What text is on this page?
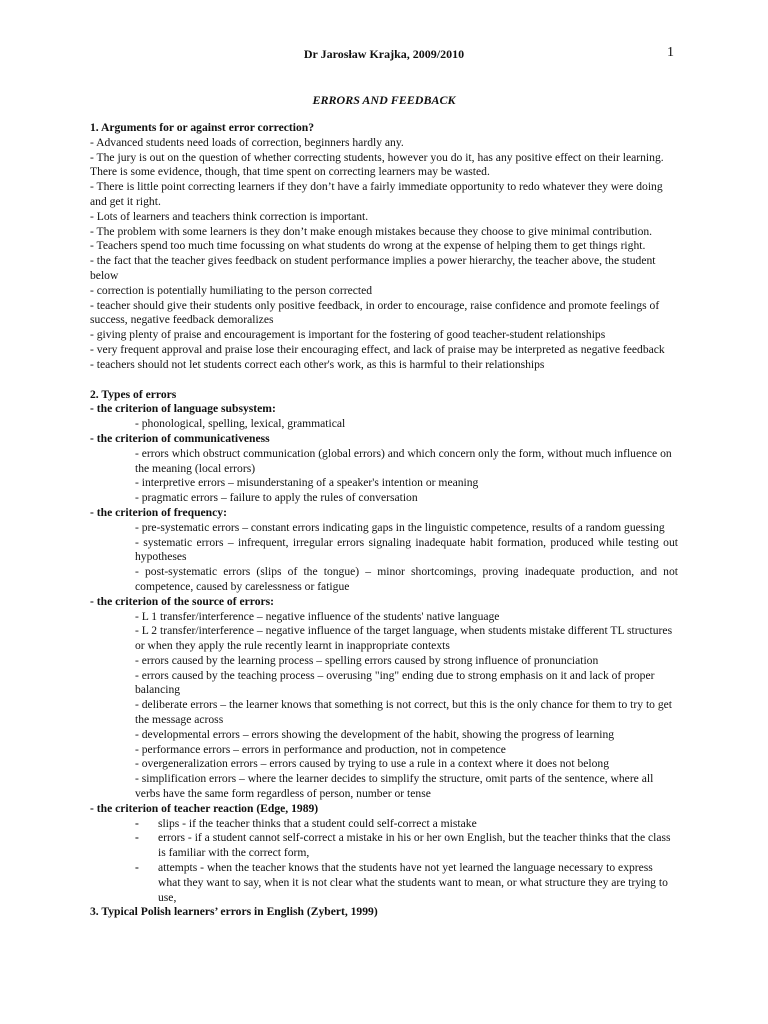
Dr Jarosław Krajka, 2009/2010	1
ERRORS AND FEEDBACK

1. Arguments for or against error correction?

- Advanced students need loads of correction, beginners hardly any.

- The jury is out on the question of whether correcting students, however you do it, has any positive effect on their learning. There is some evidence, though, that time spent on correcting learners may be wasted.

- There is little point correcting learners if they don’t have a fairly immediate opportunity to redo whatever they were doing and get it right.

- Lots of learners and teachers think correction is important.

- The problem with some learners is they don’t make enough mistakes because they choose to give minimal contribution.

- Teachers spend too much time focussing on what students do wrong at the expense of helping them to get things right.

- the fact that the teacher gives feedback on student performance implies a power hierarchy, the teacher above, the student below

- correction is potentially humiliating to the person corrected

- teacher should give their students only positive feedback, in order to encourage, raise confidence and promote feelings of success, negative feedback demoralizes

- giving plenty of praise and encouragement is important for the fostering of good teacher-student relationships

- very frequent approval and praise lose their encouraging effect, and lack of praise may be interpreted as negative feedback

- teachers should not let students correct each other's work, as this is harmful to their relationships

2. Types of errors

- the criterion of language subsystem:

- phonological, spelling, lexical, grammatical

- the criterion of communicativeness

- errors which obstruct communication (global errors) and which concern only the form, without much influence on the meaning (local errors)

- interpretive errors – misunderstaning of a speaker's intention or meaning

- pragmatic errors – failure to apply the rules of conversation

- the criterion of frequency:

- pre-systematic errors – constant errors indicating gaps in the linguistic competence, results of a random guessing

- systematic errors – infrequent, irregular errors signaling inadequate habit formation, produced while testing out hypotheses

- post-systematic errors (slips of the tongue) – minor shortcomings, proving inadequate production, and not competence, caused by carelessness or fatigue

- the criterion of the source of errors:

- L 1 transfer/interference – negative influence of the students' native language

- L 2 transfer/interference – negative influence of the target language, when students mistake different TL structures or when they apply the rule recently learnt in inappropriate contexts

- errors caused by the learning process – spelling errors caused by strong influence of pronunciation

- errors caused by the teaching process – overusing "ing" ending due to strong emphasis on it and lack of proper balancing

- deliberate errors – the learner knows that something is not correct, but this is the only chance for them to try to get the message across

- developmental errors – errors showing the development of the habit, showing the progress of learning

- performance errors – errors in performance and production, not in competence

- overgeneralization errors – errors caused by trying to use a rule in a context where it does not belong

- simplification errors – where the learner decides to simplify the structure, omit parts of the sentence, where all verbs have the same form regardless of person, number or tense

- the criterion of teacher reaction (Edge, 1989)

-	slips - if the teacher thinks that a student could self-correct a mistake
-	errors - if a student cannot self-correct a mistake in his or her own English, but the teacher thinks that the class is familiar with the correct form,
-	attempts - when the teacher knows that the students have not yet learned the language necessary to express what they want to say, when it is not clear what the students want to mean, or what structure they are trying to use,

3. Typical Polish learners’ errors in English (Zybert, 1999)
